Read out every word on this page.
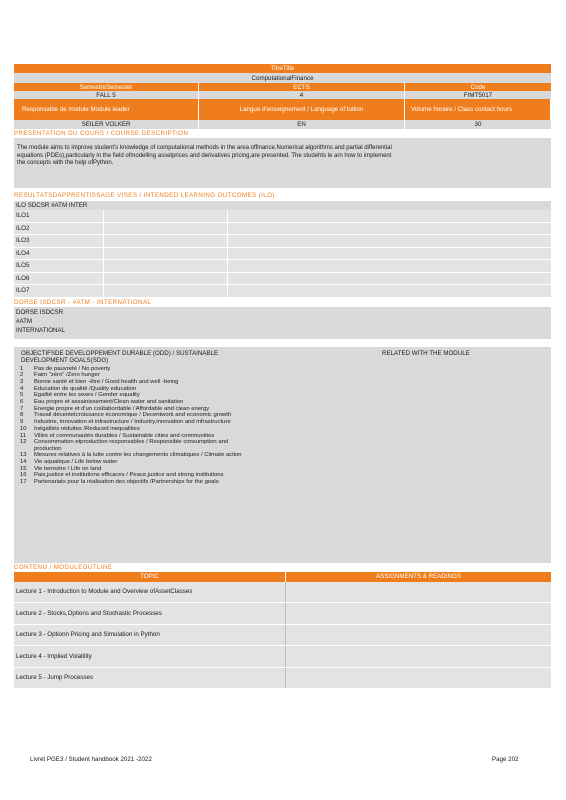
TitreTitle
ComputationalFinance
SemestreSemester	ECTS	Code
FALL 5	4	FIMT5017
Responsable de module Module leader	Langue d'enseignement / Language of tuition	Volume horaire / Class contact hours
SEILER VOLKER	EN	30
PRESENTATION DU COURS / COURSE DESCRIPTION
The module aims to improve student's knowledge of computational methods in the area offinance.Numerical algorithms and partial differential
equations (PDEs),particularly in the field ofmodelling assetprices and derivatives pricing,are presented. The studehts le arn how to implement
the concepts with the help ofPython.
RESULTATSDAPPRENTISSAGE VISES / INTENDED LEARNING OUTCOMES (ILO)
ILO SDCSR #ATM INTER
ILO1
ILO2
ILO3
ILO4
ILO5
ILO6
ILO7
DORSE ISDCSR - #ATM - INTERNATIONAL
DORSE ISDCSR
#ATM
INTERNATIONAL
OBJECTIFSDE DEVELOPPEMENT DURABLE (ODD) / SUSTAINABLE
DEVELOPMENT GOALS(SDG)
RELATED WITH THE MODULE
1	Pas de pauvreté / No poverty
2	Faim "zéro" /Zero hunger
3	Bonne santé et bien -être / Good health and well -being
4	Education de qualité /Quality education
5	Egalité entre les sexes / Gender equality
6	Eau propre et assainissement/Clean water and sanitation
7	Energie propre et d'un coûtabordable / Affordable and clean energy
8	Travail décentetcroissance économique / Decentwork and economic growth
9	Industrie, innovation et infrastructure / Industry,innovation and infrastructure
10	Inégalités réduites /Reduced inequalities
11	Villes et communautés durables / Sustainable cities and communities
12	Consommation etproduction responsables / Responsible consumption and
production
13	Mesures relatives à la lutte contre les changements climatiques / Climate action
14	Vie aquatique / Life below water
15	Vie terrestre / Life on land
16	Paix,justice et institutions efficaces / Peace,justice and strong institutions
17	Partenariats pour la réalisation des objectifs /Partnerships for the goals
CONTENU / MODULEOUTLINE
TOPIC	ASSIGNMENTS & READINGS
Lecture 1 - Introduction to Module and Overview ofAssetClasses
Lecture 2 - Stocks,Options and Stochastic Processes
Lecture 3 - Optionn Pricing and Simulation in Python
Lecture 4 - Implied Volatility
Lecture 5 - Jump Processes
Livret PGE3 / Student handbook 2021 -2022	Page 202
